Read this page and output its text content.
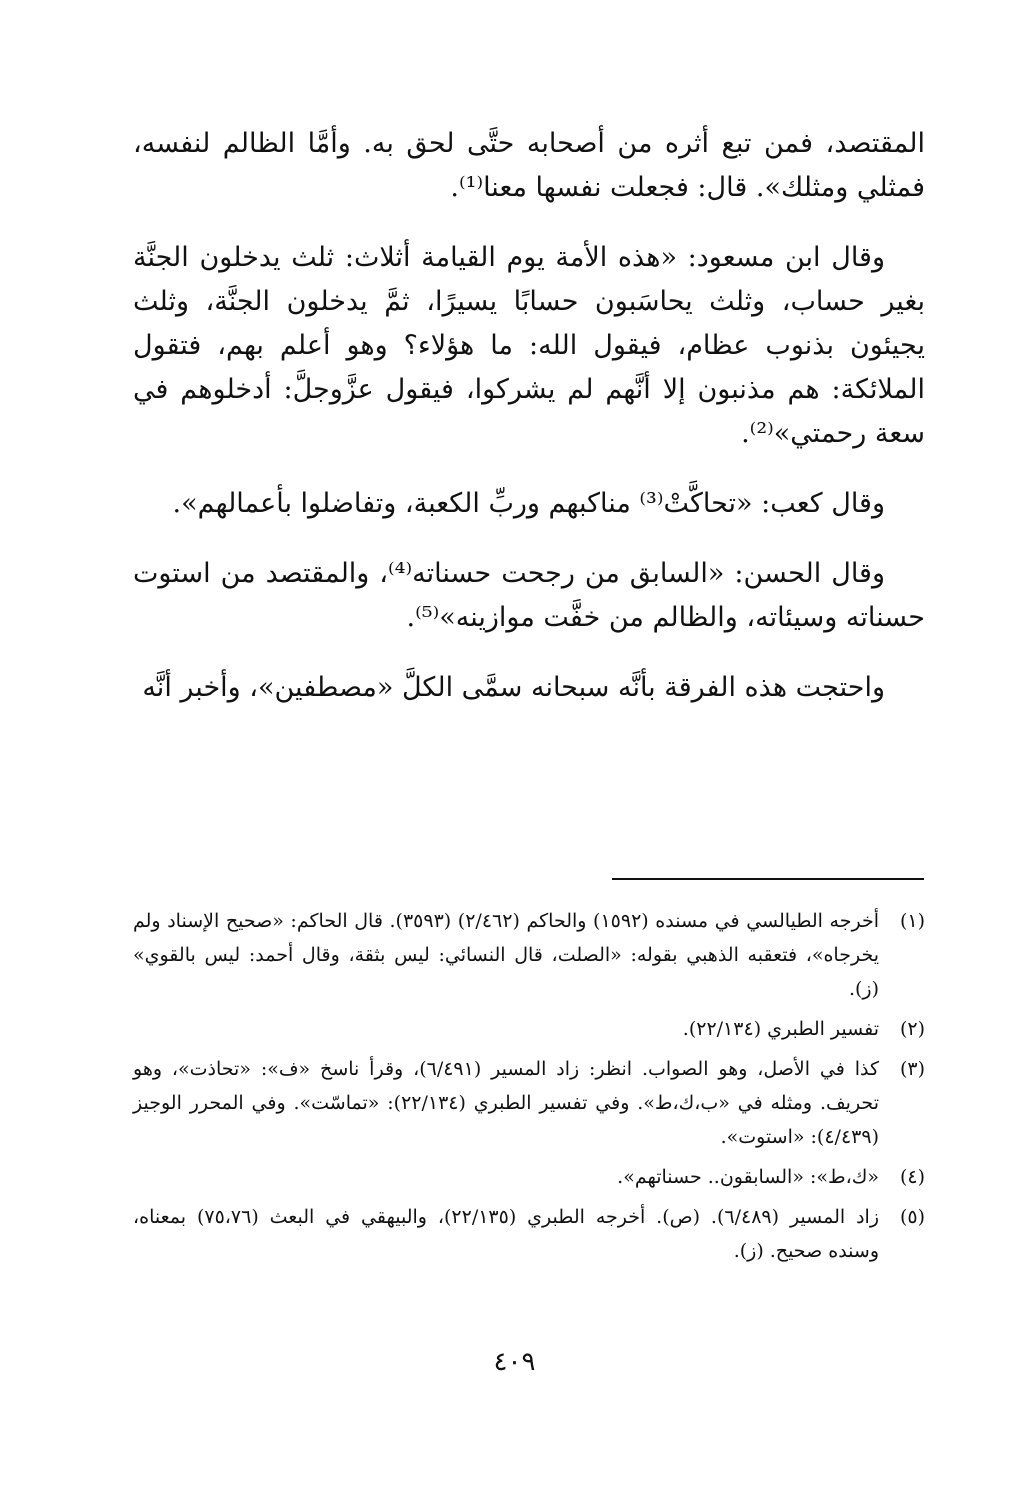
المقتصد، فمن تبع أثره من أصحابه حتَّى لحق به. وأمَّا الظالم لنفسه، فمثلي ومثلك». قال: فجعلت نفسها معنا⁽¹⁾.

وقال ابن مسعود: «هذه الأمة يوم القيامة أثلاث: ثلث يدخلون الجنَّة بغير حساب، وثلث يحاسَبون حسابًا يسيرًا، ثمَّ يدخلون الجنَّة، وثلث يجيئون بذنوب عظام، فيقول الله: ما هؤلاء؟ وهو أعلم بهم، فتقول الملائكة: هم مذنبون إلا أنَّهم لم يشركوا، فيقول عزَّوجلَّ: أدخلوهم في سعة رحمتي»⁽²⁾.

وقال كعب: «تحاكَّتْ⁽³⁾ مناكبهم وربِّ الكعبة، وتفاضلوا بأعمالهم».

وقال الحسن: «السابق من رجحت حسناته⁽⁴⁾، والمقتصد من استوت حسناته وسيئاته، والظالم من خفَّت موازينه»⁽⁵⁾.

واحتجت هذه الفرقة بأنَّه سبحانه سمَّى الكلَّ «مصطفين»، وأخبر أنَّه

(١)
أخرجه الطيالسي في مسنده (١٥٩٢) والحاكم (٢/٤٦٢) (٣٥٩٣). قال الحاكم: «صحيح الإسناد ولم يخرجاه»، فتعقبه الذهبي بقوله: «الصلت، قال النسائي: ليس بثقة، وقال أحمد: ليس بالقوي» (ز).
(٢)
تفسير الطبري (٢٢/١٣٤).
(٣)
كذا في الأصل، وهو الصواب. انظر: زاد المسير (٦/٤٩١)، وقرأ ناسخ «ف»: «تحاذت»، وهو تحريف. ومثله في «ب،ك،ط». وفي تفسير الطبري (٢٢/١٣٤): «تماسّت». وفي المحرر الوجيز (٤/٤٣٩): «استوت».
(٤)
«ك،ط»: «السابقون.. حسناتهم».
(٥)
زاد المسير (٦/٤٨٩). (ص). أخرجه الطبري (٢٢/١٣٥)، والبيهقي في البعث (٧٥،٧٦) بمعناه، وسنده صحيح. (ز).
٤٠٩
